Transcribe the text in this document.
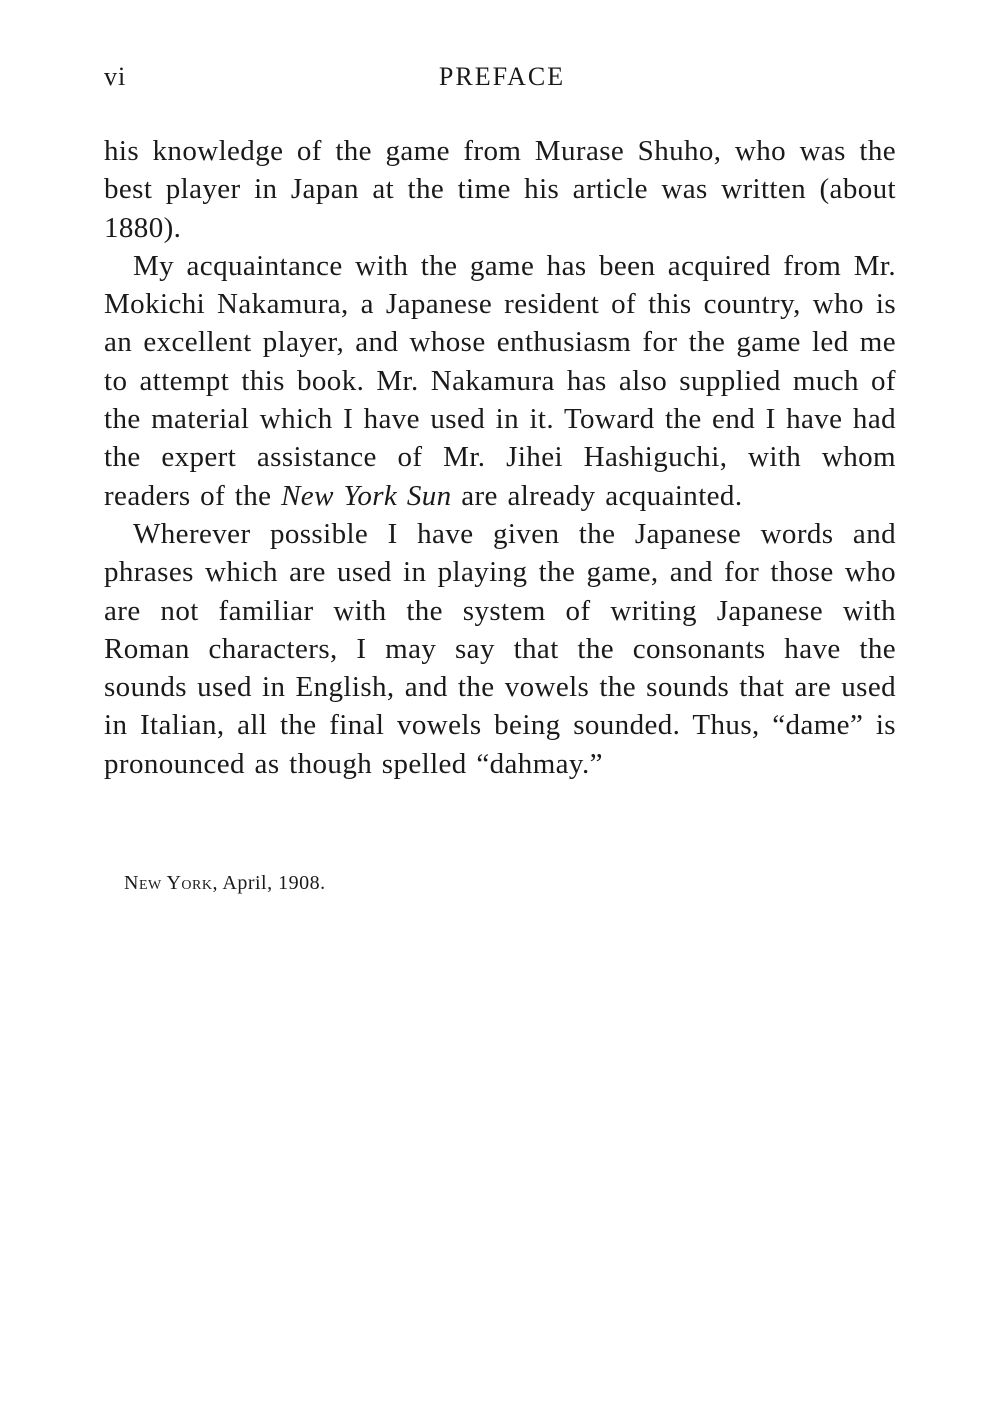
vi	PREFACE

his knowledge of the game from Murase Shuho, who was the best player in Japan at the time his article was written (about 1880).

My acquaintance with the game has been acquired from Mr. Mokichi Nakamura, a Japanese resident of this country, who is an excellent player, and whose enthusiasm for the game led me to attempt this book. Mr. Nakamura has also supplied much of the material which I have used in it. Toward the end I have had the expert assistance of Mr. Jihei Hashiguchi, with whom readers of the New York Sun are already acquainted.

Wherever possible I have given the Japanese words and phrases which are used in playing the game, and for those who are not familiar with the system of writing Japanese with Roman characters, I may say that the consonants have the sounds used in English, and the vowels the sounds that are used in Italian, all the final vowels being sounded. Thus, “dame” is pronounced as though spelled “dahmay.”

New York, April, 1908.
